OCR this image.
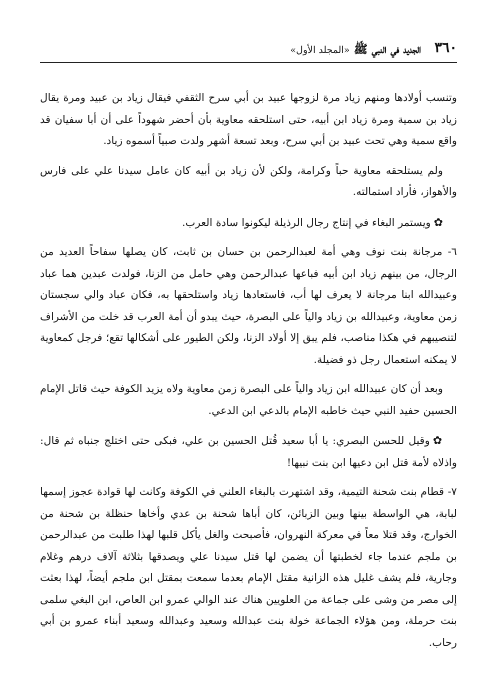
٣٦٠
الجديد في النبي ﷺ «المجلد الأول»

وتنسب أولادها ومنهم زياد مرة لزوجها عبيد بن أبي سرح الثقفي فيقال زياد بن عبيد ومرة يقال زياد بن سمية ومرة زياد ابن أبيه، حتى استلحقه معاوية بأن أحضر شهوداً على أن أبا سفيان قد واقع سمية وهي تحت عبيد بن أبي سرح، وبعد تسعة أشهر ولدت صبياً أسموه زياد.

ولم يستلحقه معاوية حباً وكرامة، ولكن لأن زياد بن أبيه كان عامل سيدنا علي على فارس والأهواز، فأراد استمالته.

✿ويستمر البغاء في إنتاج رجال الرذيلة ليكونوا سادة العرب.

٦- مرجانة بنت نوف وهي أمة لعبدالرحمن بن حسان بن ثابت، كان يصلها سفاحاً العديد من الرجال، من بينهم زياد ابن أبيه فباعها عبدالرحمن وهي حامل من الزنا، فولدت عبدين هما عباد وعبيدالله ابنا مرجانة لا يعرف لها أب، فاستعادها زياد واستلحقها به، فكان عباد والي سجستان زمن معاوية، وعبيدالله بن زياد والياً على البصرة، حيث يبدو أن أمة العرب قد خلت من الأشراف لتنصيبهم في هكذا مناصب، فلم يبق إلا أولاد الزنا، ولكن الطيور على أشكالها تقع؛ فرجل كمعاوية لا يمكنه استعمال رجل ذو فضيلة.

وبعد أن كان عبيدالله ابن زياد والياً على البصرة زمن معاوية ولاه يزيد الكوفة حيث قاتل الإمام الحسين حفيد النبي حيث خاطبه الإمام بالدعي ابن الدعي.

✿وقيل للحسن البصري: يا أبا سعيد قُتل الحسين بن علي، فبكى حتى اختلج جنباه ثم قال: واذلاه لأمة قتل ابن دعيها ابن بنت نبيها!

٧- قطام بنت شحنة التيمية، وقد اشتهرت بالبغاء العلني في الكوفة وكانت لها قوادة عجوز إسمها لبابة، هي الواسطة بينها وبين الزبائن، كان أباها شحنة بن عدي وأخاها حنظلة بن شحنة من الخوارج، وقد قتلا معاً في معركة النهروان، فأصبحت والغل يأكل قلبها لهذا طلبت من عبدالرحمن بن ملجم عندما جاء لخطبتها أن يضمن لها قتل سيدنا علي ويصدقها بثلاثة آلاف درهم وغلام وجارية، فلم يشف غليل هذه الزانية مقتل الإمام بعدما سمعت بمقتل ابن ملجم أيضاً، لهذا بعثت إلى مصر من وشى على جماعة من العلويين هناك عند الوالي عمرو ابن العاص، ابن البغي سلمى بنت حرملة، ومن هؤلاء الجماعة خولة بنت عبدالله وسعيد وعبدالله وسعيد أبناء عمرو بن أبي رحاب.
